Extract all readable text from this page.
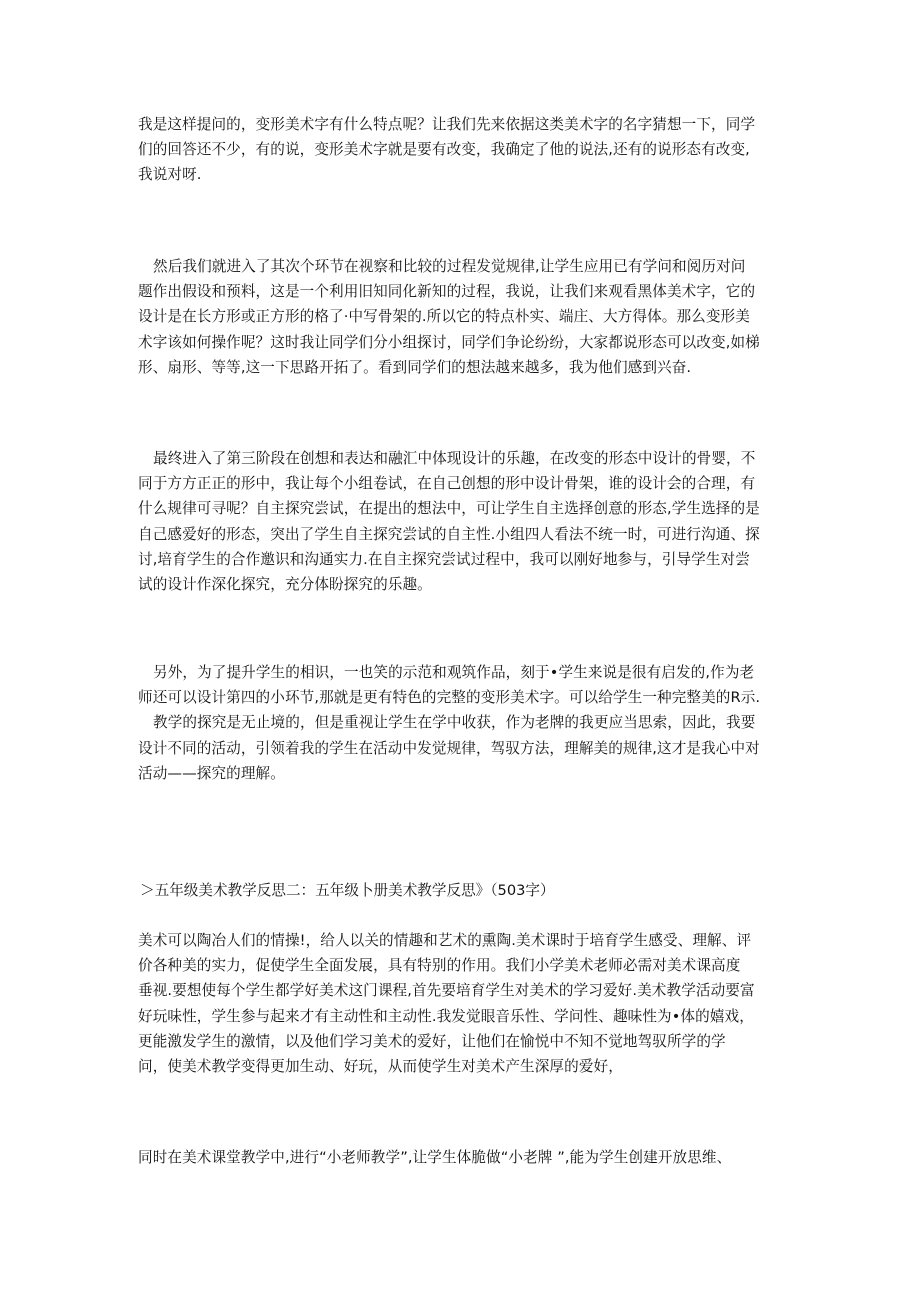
我是这样提问的，变形美术字有什么特点呢？让我们先来依据这类美术字的名字猜想一下，同学
们的回答还不少，有的说，变形美术字就是要有改变，我确定了他的说法,还有的说形态有改变,
我说对呀.
然后我们就进入了其次个环节在视察和比较的过程发觉规律,让学生应用已有学问和阅历对问
题作出假设和预料，这是一个利用旧知同化新知的过程，我说，让我们来观看黑体美术字，它的
设计是在长方形或正方形的格了·中写骨架的.所以它的特点朴实、端庄、大方得体。那么变形美
术字该如何操作呢？这时我让同学们分小组探讨，同学们争论纷纷，大家都说形态可以改变,如梯
形、扇形、等等,这一下思路开拓了。看到同学们的想法越来越多，我为他们感到兴奋.
最终进入了第三阶段在创想和表达和融汇中体现设计的乐趣，在改变的形态中设计的骨婴，不
同于方方正正的形中，我让每个小组卷试，在自己创想的形中设计骨架，谁的设计会的合理，有
什么规律可寻呢？自主探究尝试，在提出的想法中，可让学生自主选择创意的形态,学生选择的是
自己感爱好的形态，突出了学生自主探究尝试的自主性.小组四人看法不统一时，可进行沟通、探
讨,培育学生的合作邀识和沟通实力.在自主探究尝试过程中，我可以刚好地参与，引导学生对尝
试的设计作深化探究，充分体盼探究的乐趣。
另外，为了提升学生的相识，一也笑的示范和观筑作品，刻于•学生来说是很有启发的,作为老
师还可以设计第四的小环节,那就是更有特色的完整的变形美术字。可以给学生一种完整美的R示.
教学的探究是无止境的，但是重视让学生在学中收获，作为老牌的我更应当思索，因此，我要
设计不同的活动，引领着我的学生在活动中发觉规律，驾驭方法，理解美的规律,这才是我心中对
活动——探究的理解。
＞五年级美术教学反思二：五年级卜册美术教学反思》（503字）
美术可以陶冶人们的情操!，给人以关的情趣和艺术的熏陶.美术课时于培育学生感受、理解、评
价各种美的实力，促使学生全面发展，具有特别的作用。我们小学美术老师必需对美术课高度
垂视.要想使每个学生都学好美术这门课程,首先要培育学生对美术的学习爱好.美术教学活动要富
好玩味性，学生参与起来才有主动性和主动性.我发觉眼音乐性、学问性、趣味性为•体的嬉戏，
更能激发学生的激情，以及他们学习美术的爱好，让他们在愉悦中不知不觉地驾驭所学的学
问，使美术教学变得更加生动、好玩，从而使学生对美术产生深厚的爱好，
同时在美术课堂教学中,进行“小老师教学”,让学生体脆做“小老牌 ”,能为学生创建开放思维、
